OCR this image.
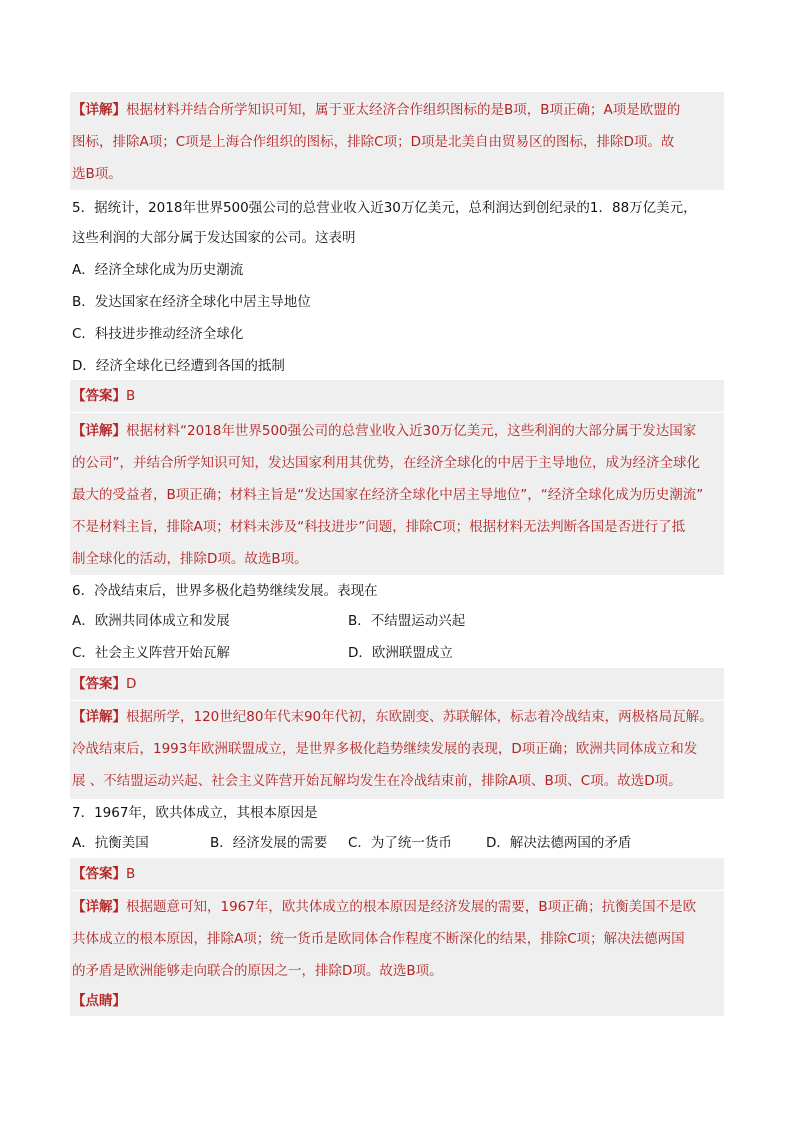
【详解】根据材料并结合所学知识可知，属于亚太经济合作组织图标的是B项，B项正确；A项是欧盟的
图标，排除A项；C项是上海合作组织的图标，排除C项；D项是北美自由贸易区的图标，排除D项。故
选B项。
5．据统计，2018年世界500强公司的总营业收入近30万亿美元，总利润达到创纪录的1．88万亿美元，
这些利润的大部分属于发达国家的公司。这表明
A．经济全球化成为历史潮流
B．发达国家在经济全球化中居主导地位
C．科技进步推动经济全球化
D．经济全球化已经遭到各国的抵制
【答案】B
【详解】根据材料“2018年世界500强公司的总营业收入近30万亿美元，这些利润的大部分属于发达国家
的公司”，并结合所学知识可知，发达国家利用其优势，在经济全球化的中居于主导地位，成为经济全球化
最大的受益者，B项正确；材料主旨是“发达国家在经济全球化中居主导地位”，“经济全球化成为历史潮流”
不是材料主旨，排除A项；材料未涉及“科技进步”问题，排除C项；根据材料无法判断各国是否进行了抵
制全球化的活动，排除D项。故选B项。
6．冷战结束后，世界多极化趋势继续发展。表现在
A．欧洲共同体成立和发展	B．不结盟运动兴起
C．社会主义阵营开始瓦解	D．欧洲联盟成立
【答案】D
【详解】根据所学，120世纪80年代末90年代初，东欧剧变、苏联解体，标志着冷战结束，两极格局瓦解。
冷战结束后，1993年欧洲联盟成立，是世界多极化趋势继续发展的表现，D项正确；欧洲共同体成立和发
展 、不结盟运动兴起、社会主义阵营开始瓦解均发生在冷战结束前，排除A项、B项、C项。故选D项。
7．1967年，欧共体成立，其根本原因是
A．抗衡美国	B．经济发展的需要 C．为了统一货币	D．解决法德两国的矛盾
【答案】B
【详解】根据题意可知，1967年，欧共体成立的根本原因是经济发展的需要，B项正确；抗衡美国不是欧
共体成立的根本原因，排除A项；统一货币是欧同体合作程度不断深化的结果，排除C项；解决法德两国
的矛盾是欧洲能够走向联合的原因之一，排除D项。故选B项。
【点睛】
